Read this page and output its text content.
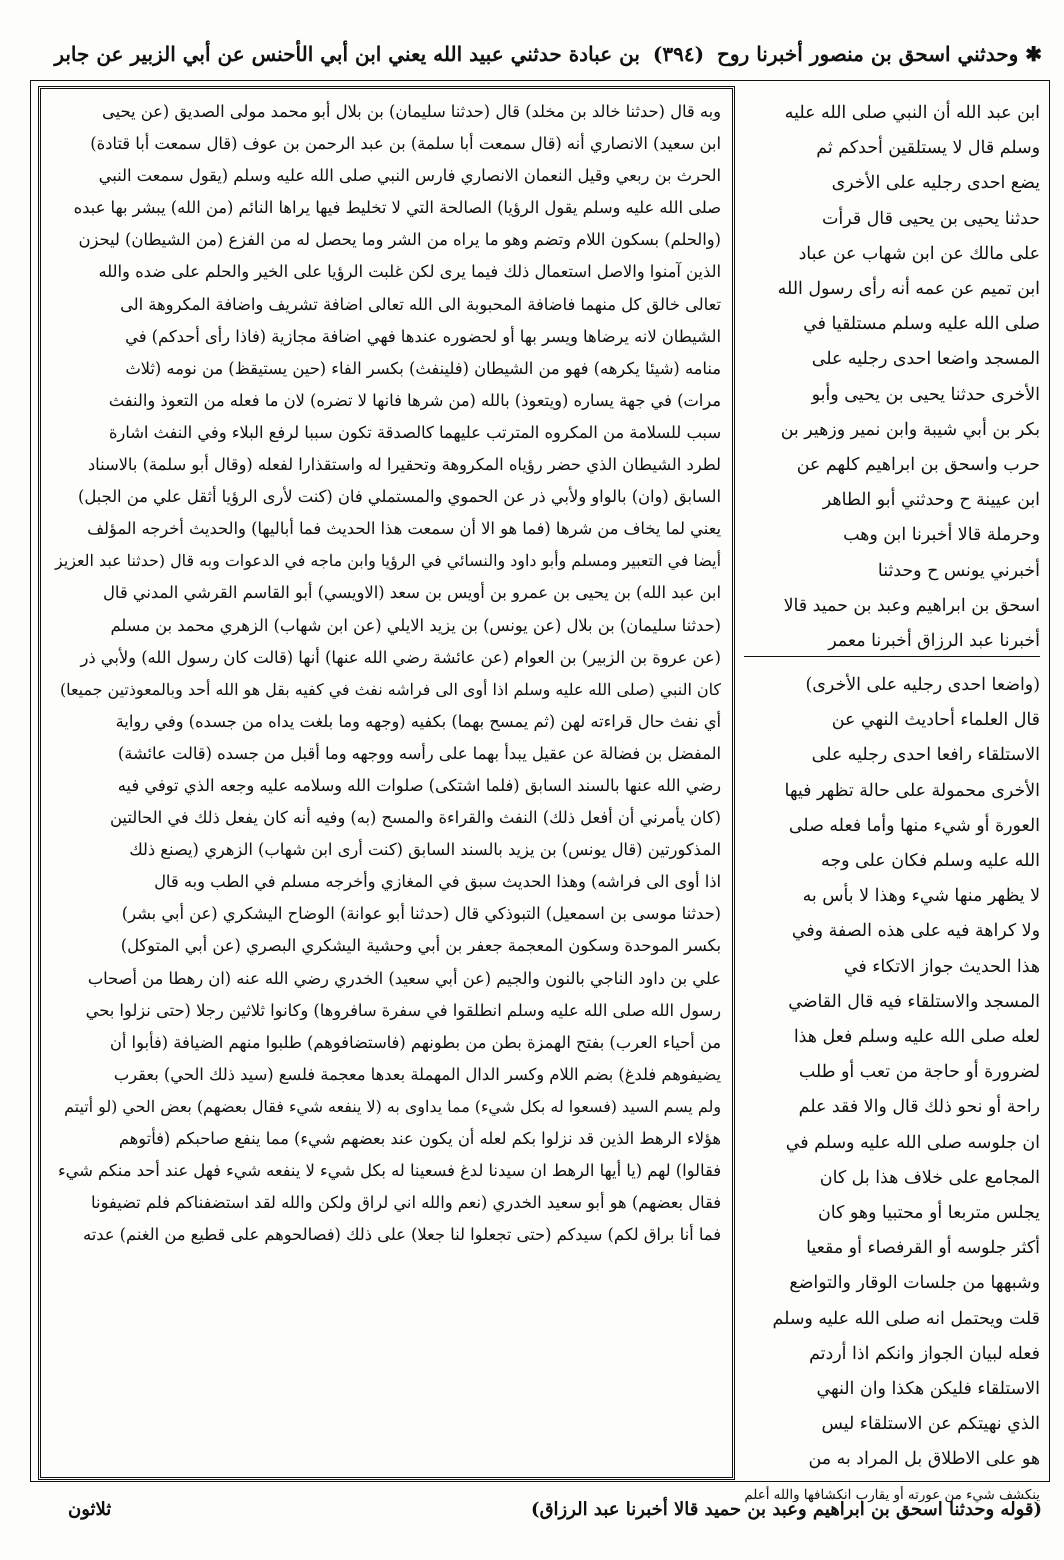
✱ وحدثني اسحق بن منصور أخبرنا روح (٣٩٤) بن عبادة حدثني عبيد الله يعني ابن أبي الأحنس عن أبي الزبير عن جابر
وبه قال (حدثنا خالد بن مخلد) قال (حدثنا سليمان) بن بلال أبو محمد مولى الصديق (عن يحيى
ابن سعيد) الانصاري أنه (قال سمعت أبا سلمة) بن عبد الرحمن بن عوف (قال سمعت أبا قتادة)
الحرث بن ربعي وقيل النعمان الانصاري فارس النبي صلى الله عليه وسلم (يقول سمعت النبي
صلى الله عليه وسلم يقول الرؤيا) الصالحة التي لا تخليط فيها يراها النائم (من الله) يبشر بها عبده
(والحلم) بسكون اللام وتضم وهو ما يراه من الشر وما يحصل له من الفزع (من الشيطان) ليحزن
الذين آمنوا والاصل استعمال ذلك فيما يرى لكن غلبت الرؤيا على الخير والحلم على ضده والله
تعالى خالق كل منهما فاضافة المحبوبة الى الله تعالى اضافة تشريف واضافة المكروهة الى
الشيطان لانه يرضاها ويسر بها أو لحضوره عندها فهي اضافة مجازية (فاذا رأى أحدكم) في
منامه (شيئا يكرهه) فهو من الشيطان (فلينفث) بكسر الفاء (حين يستيقظ) من نومه (ثلاث
مرات) في جهة يساره (ويتعوذ) بالله (من شرها فانها لا تضره) لان ما فعله من التعوذ والنفث
سبب للسلامة من المكروه المترتب عليهما كالصدقة تكون سببا لرفع البلاء وفي النفث اشارة
لطرد الشيطان الذي حضر رؤياه المكروهة وتحقيرا له واستقذارا لفعله (وقال أبو سلمة) بالاسناد
السابق (وان) بالواو ولأبي ذر عن الحموي والمستملي فان (كنت لأرى الرؤيا أثقل علي من الجبل)
يعني لما يخاف من شرها (فما هو الا أن سمعت هذا الحديث فما أباليها) والحديث أخرجه المؤلف
أيضا في التعبير ومسلم وأبو داود والنسائي في الرؤيا وابن ماجه في الدعوات وبه قال (حدثنا عبد العزيز
ابن عبد الله) بن يحيى بن عمرو بن أويس بن سعد (الاويسي) أبو القاسم القرشي المدني قال
(حدثنا سليمان) بن بلال (عن يونس) بن يزيد الايلي (عن ابن شهاب) الزهري محمد بن مسلم
(عن عروة بن الزبير) بن العوام (عن عائشة رضي الله عنها) أنها (قالت كان رسول الله) ولأبي ذر
كان النبي (صلى الله عليه وسلم اذا أوى الى فراشه نفث في كفيه بقل هو الله أحد وبالمعوذتين جميعا)
أي نفث حال قراءته لهن (ثم يمسح بهما) بكفيه (وجهه وما بلغت يداه من جسده) وفي رواية
المفضل بن فضالة عن عقيل يبدأ بهما على رأسه ووجهه وما أقبل من جسده (قالت عائشة)
رضي الله عنها بالسند السابق (فلما اشتكى) صلوات الله وسلامه عليه وجعه الذي توفي فيه
(كان يأمرني أن أفعل ذلك) النفث والقراءة والمسح (به) وفيه أنه كان يفعل ذلك في الحالتين
المذكورتين (قال يونس) بن يزيد بالسند السابق (كنت أرى ابن شهاب) الزهري (يصنع ذلك
اذا أوى الى فراشه) وهذا الحديث سبق في المغازي وأخرجه مسلم في الطب وبه قال
(حدثنا موسى بن اسمعيل) التبوذكي قال (حدثنا أبو عوانة) الوضاح اليشكري (عن أبي بشر)
بكسر الموحدة وسكون المعجمة جعفر بن أبي وحشية اليشكري البصري (عن أبي المتوكل)
علي بن داود الناجي بالنون والجيم (عن أبي سعيد) الخدري رضي الله عنه (ان رهطا من أصحاب
رسول الله صلى الله عليه وسلم انطلقوا في سفرة سافروها) وكانوا ثلاثين رجلا (حتى نزلوا بحي
من أحياء العرب) بفتح الهمزة بطن من بطونهم (فاستضافوهم) طلبوا منهم الضيافة (فأبوا أن
يضيفوهم فلدغ) بضم اللام وكسر الدال المهملة بعدها معجمة فلسع (سيد ذلك الحي) بعقرب
ولم يسم السيد (فسعوا له بكل شيء) مما يداوى به (لا ينفعه شيء فقال بعضهم) بعض الحي (لو أتيتم
هؤلاء الرهط الذين قد نزلوا بكم لعله أن يكون عند بعضهم شيء) مما ينفع صاحبكم (فأتوهم
فقالوا) لهم (يا أيها الرهط ان سيدنا لدغ فسعينا له بكل شيء لا ينفعه شيء فهل عند أحد منكم شيء
فقال بعضهم) هو أبو سعيد الخدري (نعم والله اني لراق ولكن والله لقد استضفناكم فلم تضيفونا
فما أنا براق لكم) سيدكم (حتى تجعلوا لنا جعلا) على ذلك (فصالحوهم على قطيع من الغنم) عدته
ابن عبد الله أن النبي صلى الله عليه
وسلم قال لا يستلقين أحدكم ثم
يضع احدى رجليه على الأخرى
حدثنا يحيى بن يحيى قال قرأت
على مالك عن ابن شهاب عن عباد
ابن تميم عن عمه أنه رأى رسول الله
صلى الله عليه وسلم مستلقيا في
المسجد واضعا احدى رجليه على
الأخرى حدثنا يحيى بن يحيى وأبو
بكر بن أبي شيبة وابن نمير وزهير بن
حرب واسحق بن ابراهيم كلهم عن
ابن عيينة ح وحدثني أبو الطاهر
وحرملة قالا أخبرنا ابن وهب
أخبرني يونس ح وحدثنا
اسحق بن ابراهيم وعبد بن حميد قالا
أخبرنا عبد الرزاق أخبرنا معمر
(واضعا احدى رجليه على الأخرى)
قال العلماء أحاديث النهي عن
الاستلقاء رافعا احدى رجليه على
الأخرى محمولة على حالة تظهر فيها
العورة أو شيء منها وأما فعله صلى
الله عليه وسلم فكان على وجه
لا يظهر منها شيء وهذا لا بأس به
ولا كراهة فيه على هذه الصفة وفي
هذا الحديث جواز الاتكاء في
المسجد والاستلقاء فيه قال القاضي
لعله صلى الله عليه وسلم فعل هذا
لضرورة أو حاجة من تعب أو طلب
راحة أو نحو ذلك قال والا فقد علم
ان جلوسه صلى الله عليه وسلم في
المجامع على خلاف هذا بل كان
يجلس متربعا أو محتبيا وهو كان
أكثر جلوسه أو القرفصاء أو مقعيا
وشبهها من جلسات الوقار والتواضع
قلت ويحتمل انه صلى الله عليه وسلم
فعله لبيان الجواز وانكم اذا أردتم
الاستلقاء فليكن هكذا وان النهي
الذي نهيتكم عن الاستلقاء ليس
هو على الاطلاق بل المراد به من
ينكشف شيء من عورته أو يقارب انكشافها والله أعلم
(قوله وحدثنا اسحق بن ابراهيم وعبد بن حميد قالا أخبرنا عبد الرزاق)
ثلاثون
